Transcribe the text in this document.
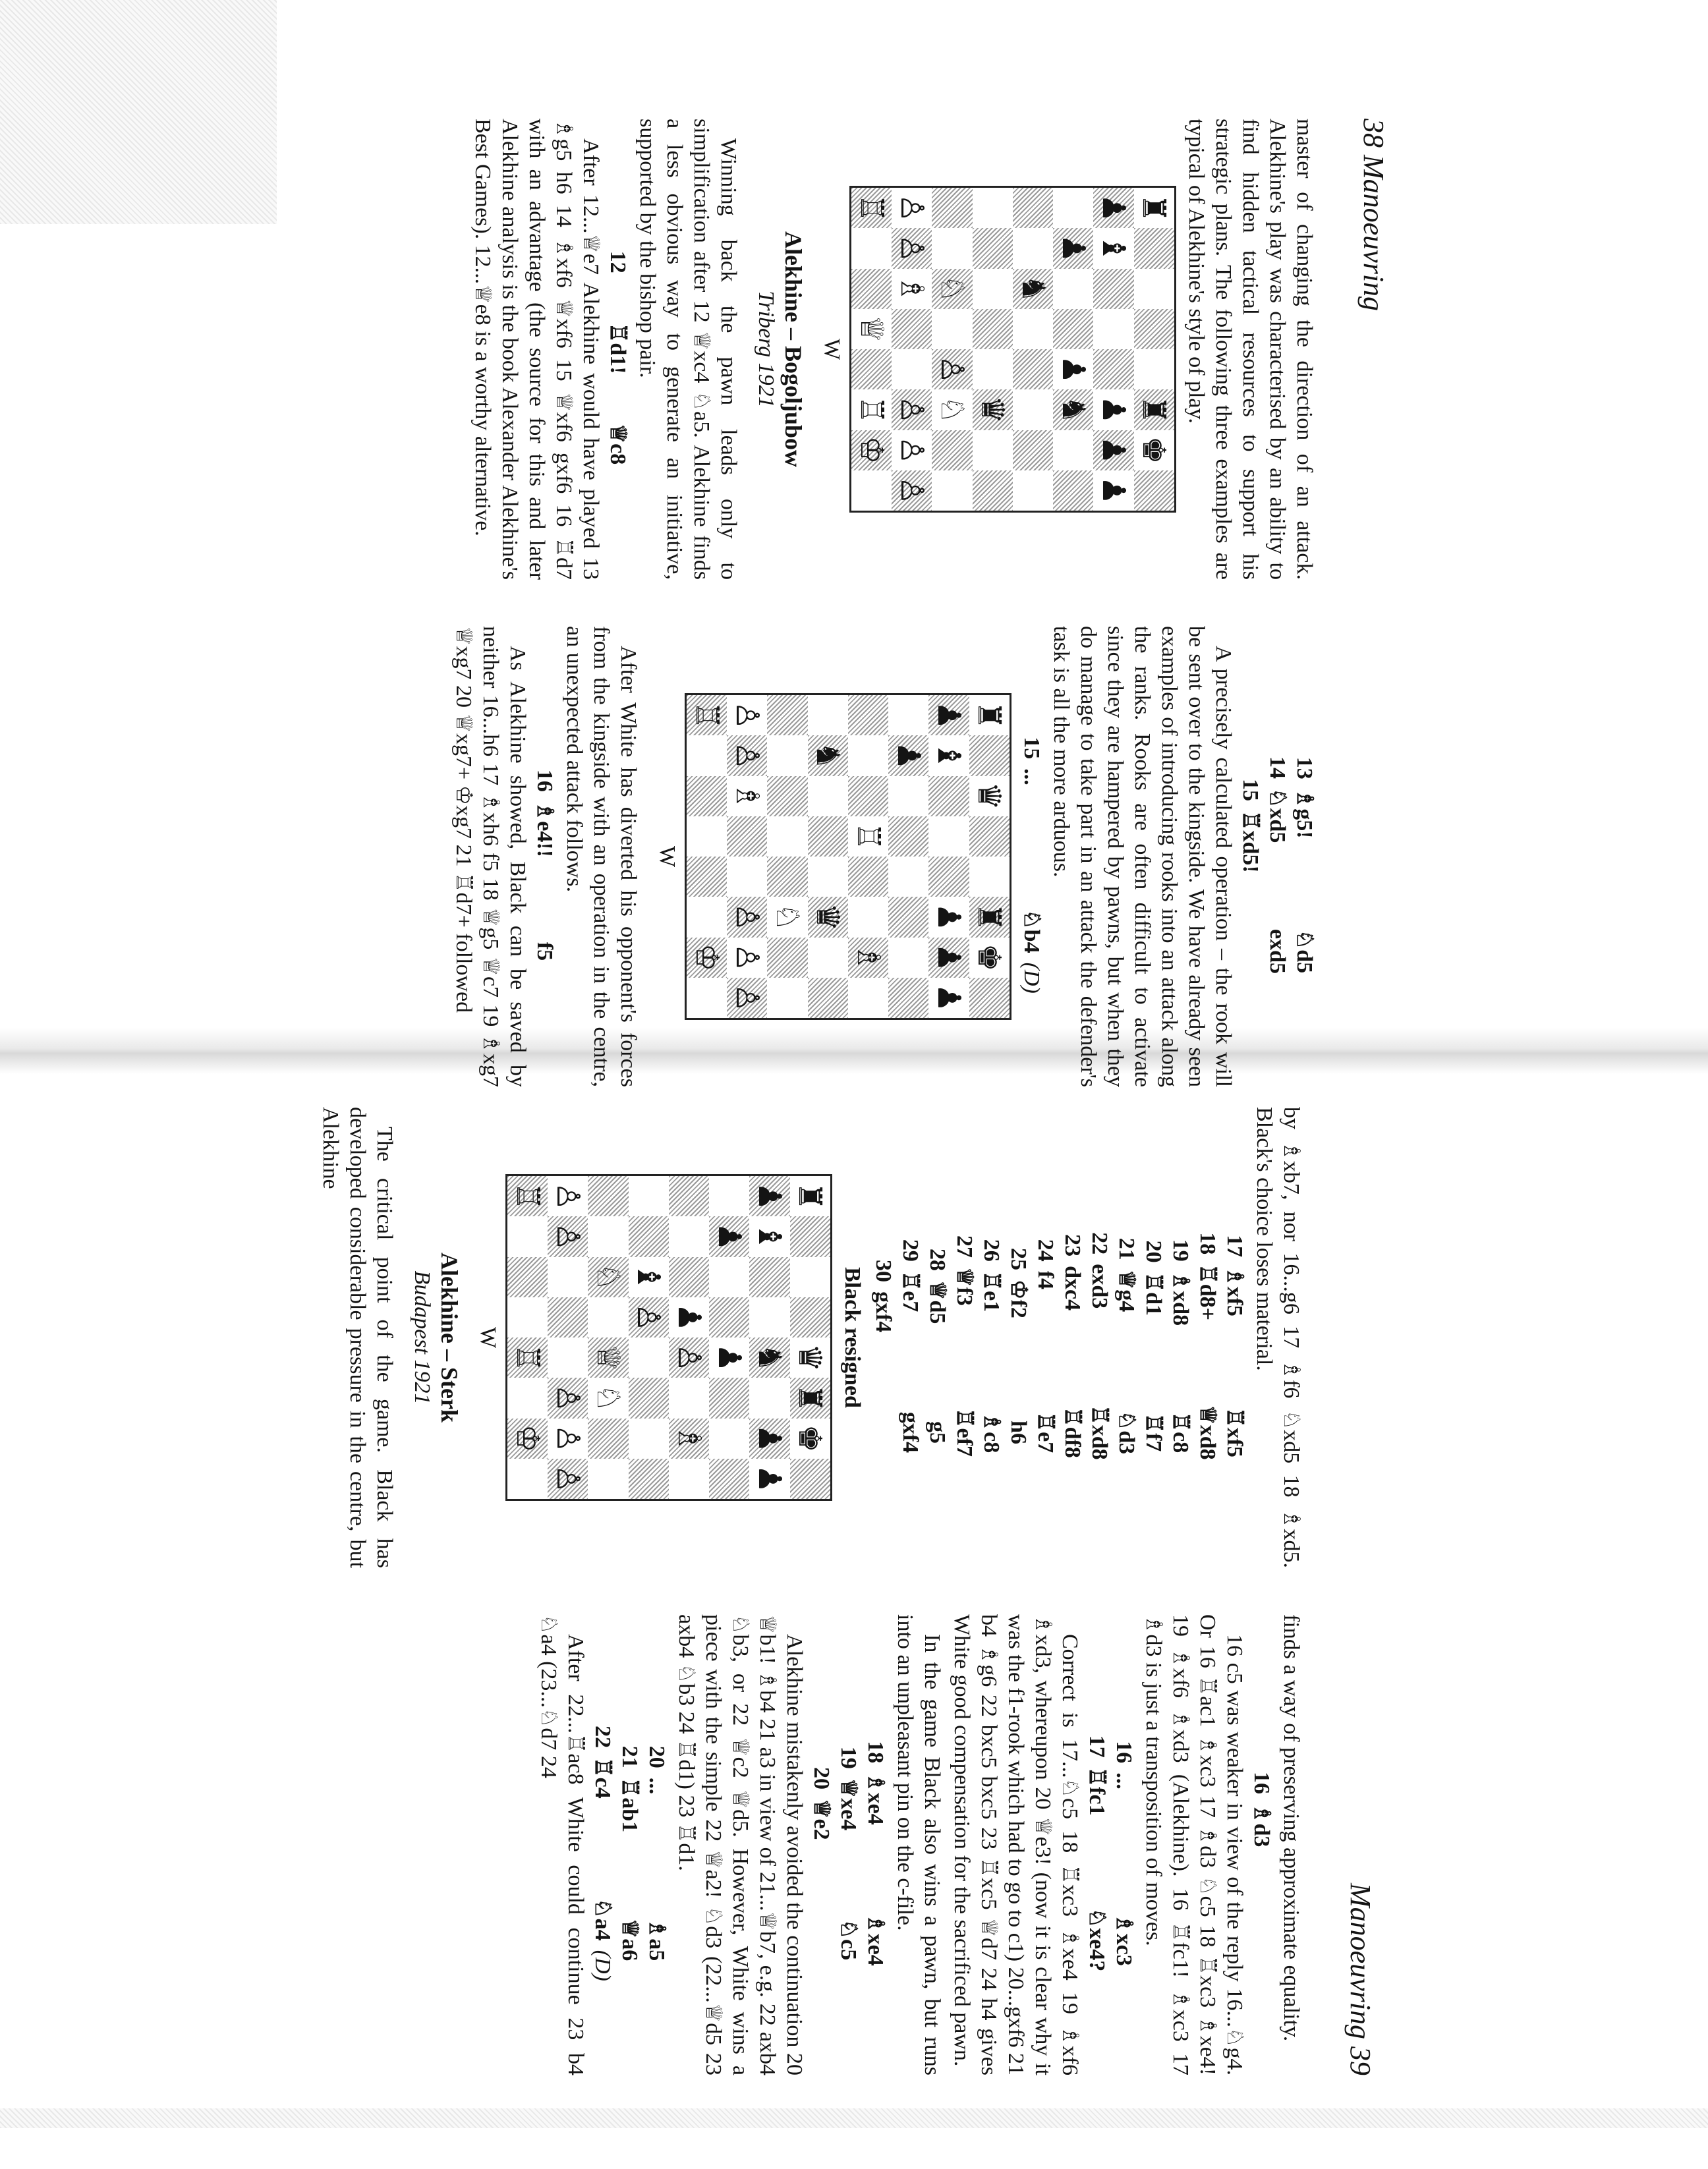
38 Manoeuvring

master of changing the direction of an attack. Alekhine's play was characterised by an ability to find hidden tactical resources to support his strategic plans. The following three examples are typical of Alekhine's style of play.

♜
♜
♚
♟
♝
♟
♟
♟
♟
♟
♞
♞
♛
♘
♙
♘
♙
♙
♗
♙
♙
♙
♖
♕
♖
♔
W
Alekhine – Bogoljubow
Triberg 1921

Winning back the pawn leads only to simplification after 12 ♕xc4 ♘a5. Alekhine finds a less obvious way to generate an initiative, supported by the bishop pair.

12
♖d1!
♕c8

After 12...♕e7 Alekhine would have played 13 ♗g5 h6 14 ♗xf6 ♕xf6 15 ♕xf6 gxf6 16 ♖d7 with an advantage (the source for this and later Alekhine analysis is the book Alexander Alekhine's Best Games). 12...♕e8 is a worthy alternative.

13
♗g5!
♘d5
14
♘xd5
exd5
15
♖xd5!

A precisely calculated operation – the rook will be sent over to the kingside. We have already seen examples of introducing rooks into an attack along the ranks. Rooks are often difficult to activate since they are hampered by pawns, but when they do manage to take part in an attack the defender's task is all the more arduous.

15
...
♘b4
(D)
♜
♛
♜
♚
♟
♝
♟
♟
♟
♟
♖
♗
♞
♛
♘
♙
♙
♗
♙
♙
♙
♖
♔
W

After White has diverted his opponent's forces from the kingside with an operation in the centre, an unexpected attack follows.

16
♗e4!!
f5

As Alekhine showed, Black can be saved by neither 16...h6 17 ♗xh6 f5 18 ♕g5 ♕c7 19 ♗xg7 ♕xg7 20 ♕xg7+ ♔xg7 21 ♖d7+ followed

Manoeuvring 39

by ♗xb7, nor 16...g6 17 ♗f6 ♘xd5 18 ♗xd5. Black's choice loses material.

17
♗xf5
♖xf5
18
♖d8+
♕xd8
19
♗xd8
♖c8
20
♖d1
♖f7
21
♕g4
♘d3
22
exd3
♖xd8
23
dxc4
♖df8
24
f4
♖e7
25
♔f2
h6
26
♖e1
♗c8
27
♕f3
♖ef7
28
♕d5
g5
29
♖e7
gxf4
30
gxf4
Black resigned
♜
♛
♜
♚
♟
♝
♞
♟
♟
♟
♟
♟
♙
♗
♝
♙
♘
♕
♘
♙
♙
♙
♙
♙
♖
♖
♔
W
Alekhine – Sterk
Budapest 1921

The critical point of the game. Black has developed considerable pressure in the centre, but Alekhine

finds a way of preserving approximate equality.

16
♗d3

16 c5 was weaker in view of the reply 16...♘g4. Or 16 ♖ac1 ♗xc3 17 ♗d3 ♘c5 18 ♖xc3 ♗xe4! 19 ♗xf6 ♗xd3 (Alekhine). 16 ♖fc1! ♗xc3 17 ♗d3 is just a transposition of moves.

16
...
♗xc3
17
♖fc1
♘xe4?

Correct is 17...♘c5 18 ♖xc3 ♗xe4 19 ♗xf6 ♗xd3, whereupon 20 ♕e3! (now it is clear why it was the f1-rook which had to go to c1) 20...gxf6 21 b4 ♗g6 22 bxc5 bxc5 23 ♖xc5 ♕d7 24 h4 gives White good compensation for the sacrificed pawn.

In the game Black also wins a pawn, but runs into an unpleasant pin on the c-file.

18
♗xe4
♗xe4
19
♕xe4
♘c5
20
♕e2

Alekhine mistakenly avoided the continuation 20 ♕b1! ♗b4 21 a3 in view of 21...♕b7, e.g. 22 axb4 ♘b3, or 22 ♕c2 ♕d5. However, White wins a piece with the simple 22 ♕a2! ♘d3 (22...♕d5 23 axb4 ♘b3 24 ♖d1) 23 ♖d1.

20
...
♗a5
21
♖ab1
♕a6
22
♖c4
♘a4
(D)

After 22...♖ac8 White could continue 23 b4 ♘a4 (23...♘d7 24
